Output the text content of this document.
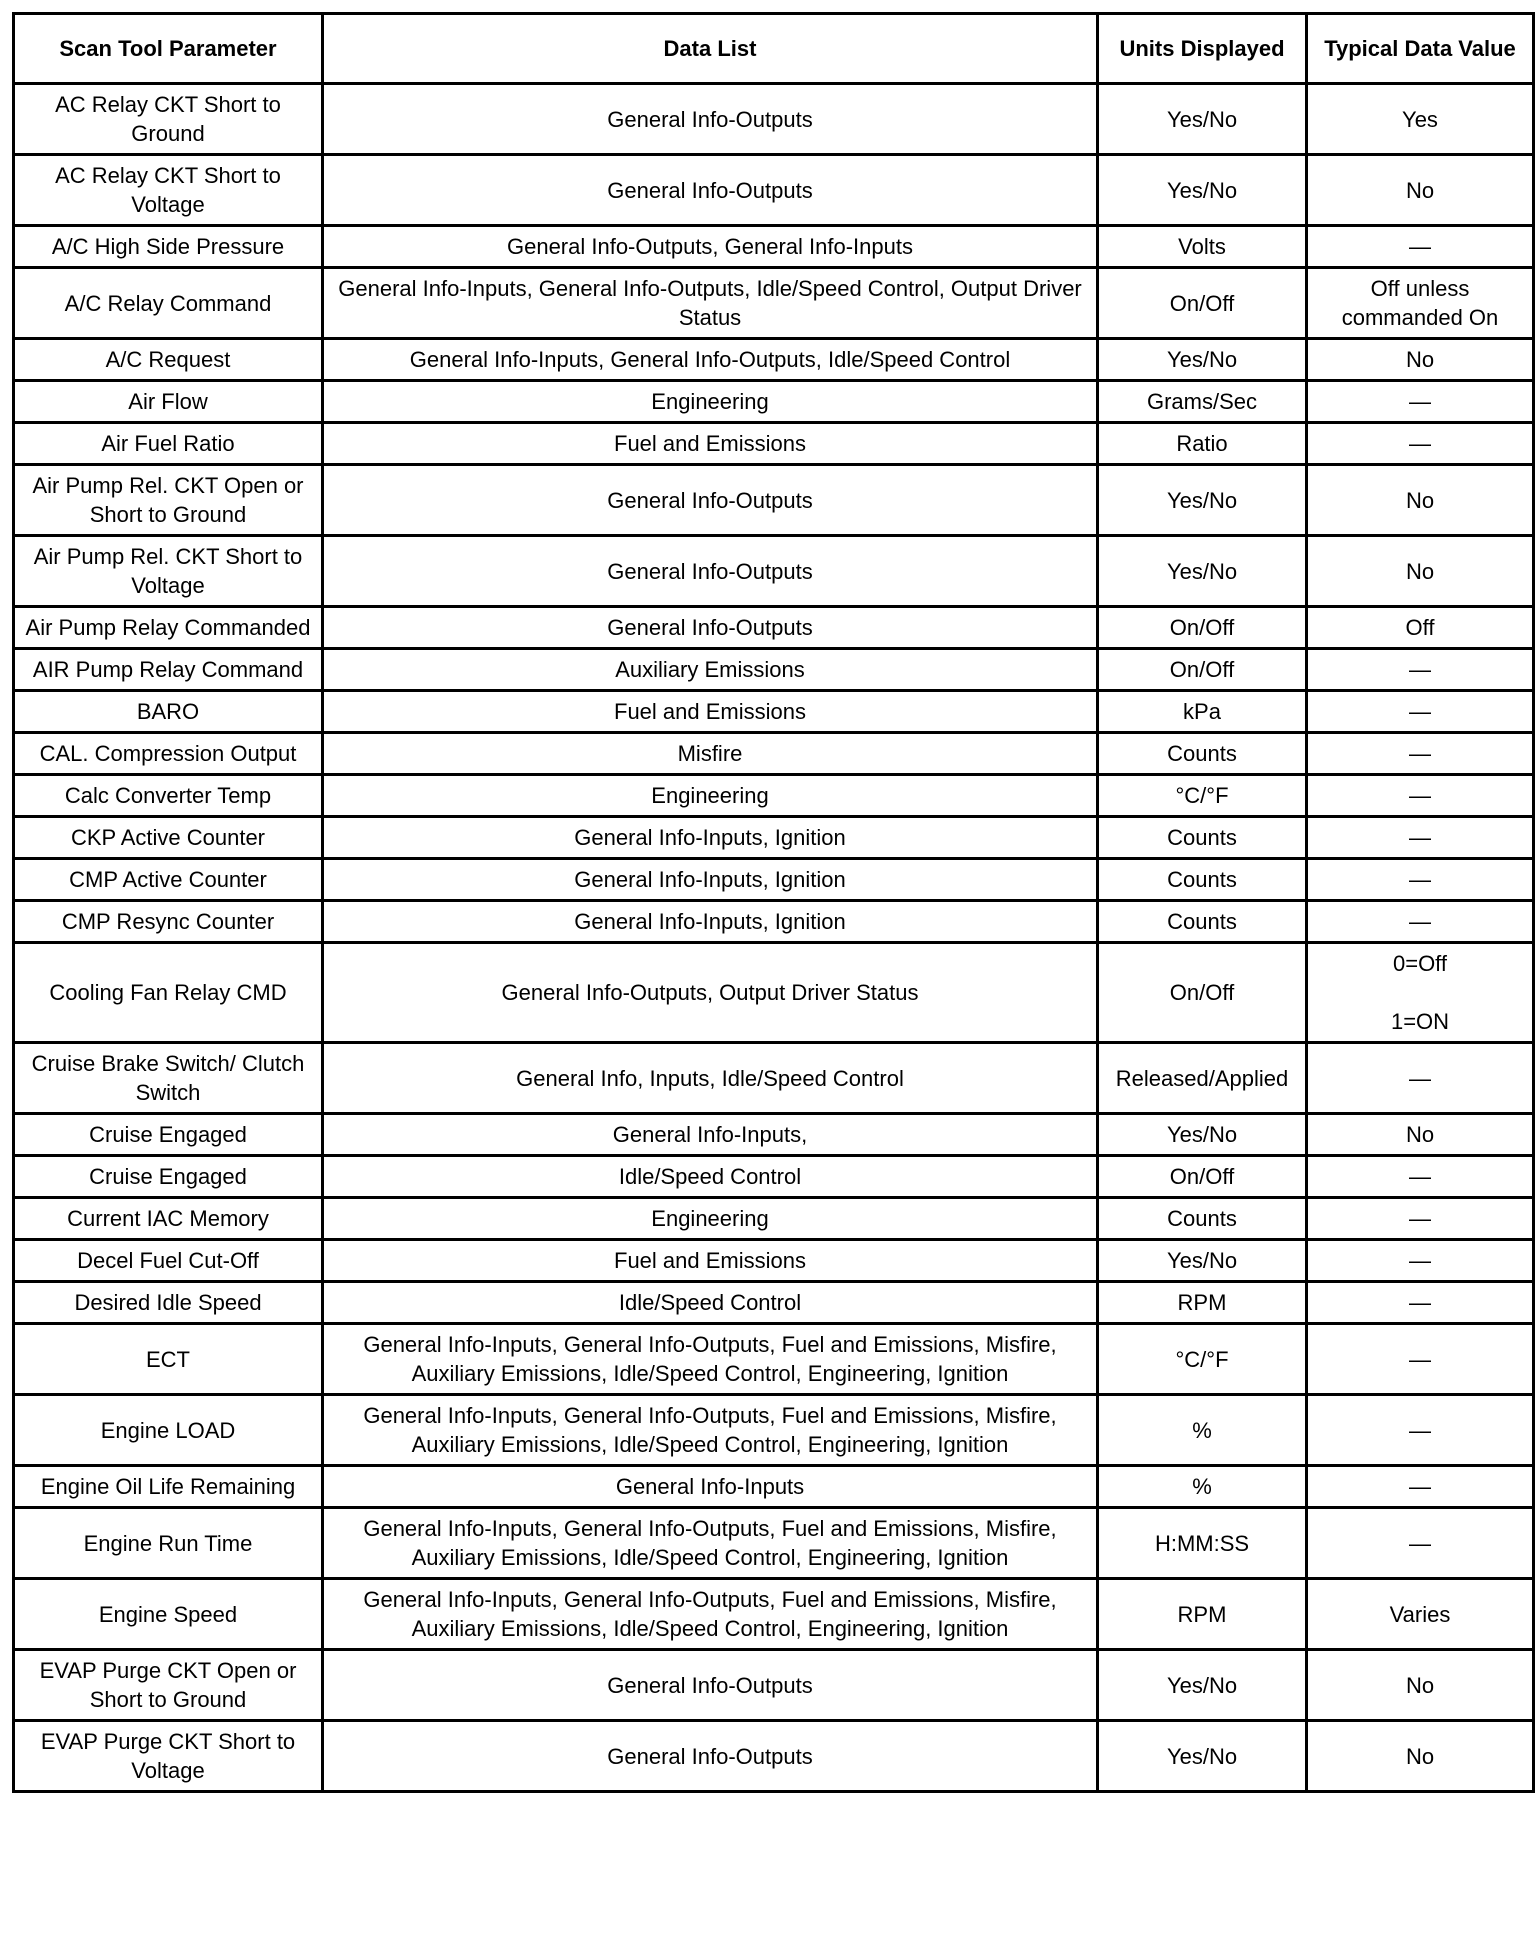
Scan Tool Parameter	Data List	Units Displayed	Typical Data Value
AC Relay CKT Short to Ground	General Info-Outputs	Yes/No	Yes
AC Relay CKT Short to Voltage	General Info-Outputs	Yes/No	No
A/C High Side Pressure	General Info-Outputs, General Info-Inputs	Volts	—
A/C Relay Command	General Info-Inputs, General Info-Outputs, Idle/Speed Control, Output Driver Status	On/Off	Off unless commanded On
A/C Request	General Info-Inputs, General Info-Outputs, Idle/Speed Control	Yes/No	No
Air Flow	Engineering	Grams/Sec	—
Air Fuel Ratio	Fuel and Emissions	Ratio	—
Air Pump Rel. CKT Open or Short to Ground	General Info-Outputs	Yes/No	No
Air Pump Rel. CKT Short to Voltage	General Info-Outputs	Yes/No	No
Air Pump Relay Commanded	General Info-Outputs	On/Off	Off
AIR Pump Relay Command	Auxiliary Emissions	On/Off	—
BARO	Fuel and Emissions	kPa	—
CAL. Compression Output	Misfire	Counts	—
Calc Converter Temp	Engineering	°C/°F	—
CKP Active Counter	General Info-Inputs, Ignition	Counts	—
CMP Active Counter	General Info-Inputs, Ignition	Counts	—
CMP Resync Counter	General Info-Inputs, Ignition	Counts	—
Cooling Fan Relay CMD	General Info-Outputs, Output Driver Status	On/Off	0=Off

1=ON
Cruise Brake Switch/ Clutch Switch	General Info, Inputs, Idle/Speed Control	Released/Applied	—
Cruise Engaged	General Info-Inputs,	Yes/No	No
Cruise Engaged	Idle/Speed Control	On/Off	—
Current IAC Memory	Engineering	Counts	—
Decel Fuel Cut-Off	Fuel and Emissions	Yes/No	—
Desired Idle Speed	Idle/Speed Control	RPM	—
ECT	General Info-Inputs, General Info-Outputs, Fuel and Emissions, Misfire, Auxiliary Emissions, Idle/Speed Control, Engineering, Ignition	°C/°F	—
Engine LOAD	General Info-Inputs, General Info-Outputs, Fuel and Emissions, Misfire, Auxiliary Emissions, Idle/Speed Control, Engineering, Ignition	%	—
Engine Oil Life Remaining	General Info-Inputs	%	—
Engine Run Time	General Info-Inputs, General Info-Outputs, Fuel and Emissions, Misfire, Auxiliary Emissions, Idle/Speed Control, Engineering, Ignition	H:MM:SS	—
Engine Speed	General Info-Inputs, General Info-Outputs, Fuel and Emissions, Misfire, Auxiliary Emissions, Idle/Speed Control, Engineering, Ignition	RPM	Varies
EVAP Purge CKT Open or Short to Ground	General Info-Outputs	Yes/No	No
EVAP Purge CKT Short to Voltage	General Info-Outputs	Yes/No	No
